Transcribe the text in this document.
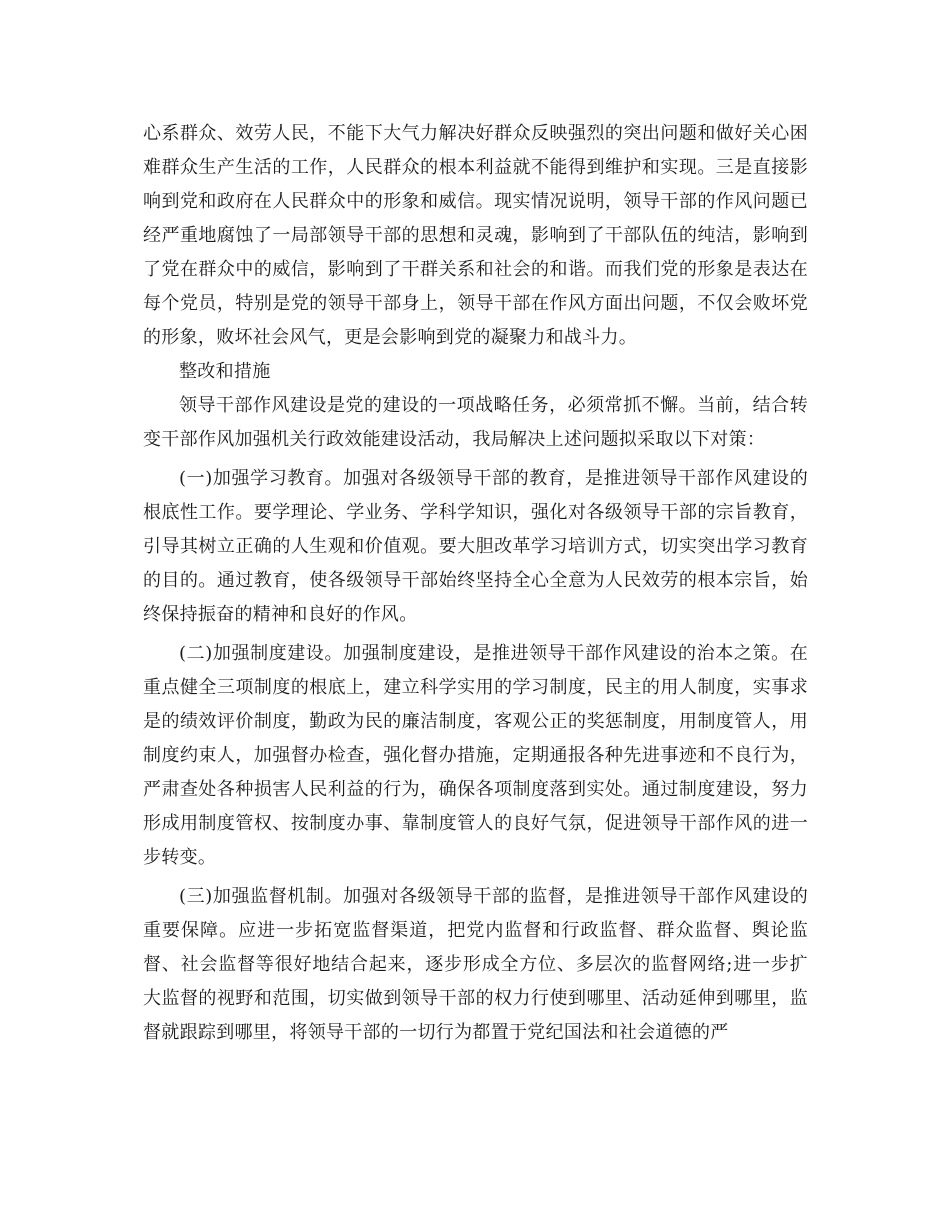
心系群众、效劳人民，不能下大气力解决好群众反映强烈的突出问题和做好关心困难群众生产生活的工作，人民群众的根本利益就不能得到维护和实现。三是直接影响到党和政府在人民群众中的形象和威信。现实情况说明，领导干部的作风问题已经严重地腐蚀了一局部领导干部的思想和灵魂，影响到了干部队伍的纯洁，影响到了党在群众中的威信，影响到了干群关系和社会的和谐。而我们党的形象是表达在每个党员，特别是党的领导干部身上，领导干部在作风方面出问题，不仅会败坏党的形象，败坏社会风气，更是会影响到党的凝聚力和战斗力。

整改和措施

领导干部作风建设是党的建设的一项战略任务，必须常抓不懈。当前，结合转变干部作风加强机关行政效能建设活动，我局解决上述问题拟采取以下对策：

(一)加强学习教育。加强对各级领导干部的教育，是推进领导干部作风建设的根底性工作。要学理论、学业务、学科学知识，强化对各级领导干部的宗旨教育，引导其树立正确的人生观和价值观。要大胆改革学习培训方式，切实突出学习教育的目的。通过教育，使各级领导干部始终坚持全心全意为人民效劳的根本宗旨，始终保持振奋的精神和良好的作风。

(二)加强制度建设。加强制度建设，是推进领导干部作风建设的治本之策。在重点健全三项制度的根底上，建立科学实用的学习制度，民主的用人制度，实事求是的绩效评价制度，勤政为民的廉洁制度，客观公正的奖惩制度，用制度管人，用制度约束人，加强督办检查，强化督办措施，定期通报各种先进事迹和不良行为，严肃查处各种损害人民利益的行为，确保各项制度落到实处。通过制度建设，努力形成用制度管权、按制度办事、靠制度管人的良好气氛，促进领导干部作风的进一步转变。

(三)加强监督机制。加强对各级领导干部的监督，是推进领导干部作风建设的重要保障。应进一步拓宽监督渠道，把党内监督和行政监督、群众监督、舆论监督、社会监督等很好地结合起来，逐步形成全方位、多层次的监督网络;进一步扩大监督的视野和范围，切实做到领导干部的权力行使到哪里、活动延伸到哪里，监督就跟踪到哪里，将领导干部的一切行为都置于党纪国法和社会道德的严
